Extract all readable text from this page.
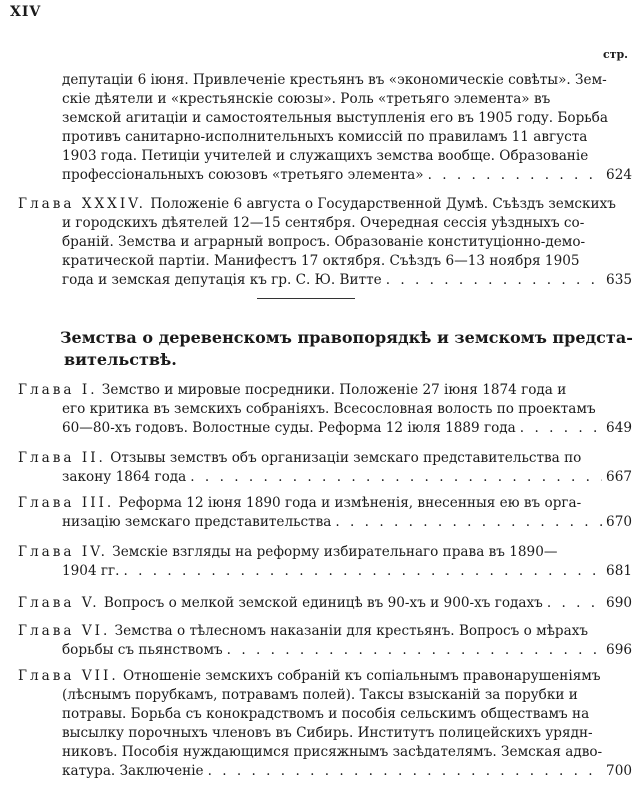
XIV
стр.
депутацiи 6 iюня. Привлеченiе крестьянъ въ «экономическiе совѣты». Зем-
скiе дѣятели и «крестьянскiе союзы». Роль «третьяго элемента» въ
земской агитацiи и самостоятельныя выступленiя его въ 1905 году. Борьба
противъ санитарно-исполнительныхъ комиссiй по правиламъ 11 августа
1903 года. Петицiи учителей и служащихъ земства вообще. Образованiе
профессiональныхъ союзовъ «третьяго элемента» . . .	624
Глава XXXIV. Положенiе 6 августа о Государственной Думѣ. Съѣздъ земскихъ
и городскихъ дѣятелей 12—15 сентября. Очередная сессiя уѣздныхъ со-
бранiй. Земства и аграрный вопросъ. Образованiе конституцiонно-демо-
кратической партiи. Манифестъ 17 октября. Съѣздъ 6—13 ноября 1905
года и земская депутацiя къ гр. С. Ю. Витте . . .	635
Земства о деревенскомъ правопорядкѣ и земскомъ предста-
вительствѣ.
Глава I. Земство и мировые посредники. Положенiе 27 iюня 1874 года и
его критика въ земскихъ собранiяхъ. Всесословная волость по проектамъ
60—80-хъ годовъ. Волостные суды. Реформа 12 iюля 1889 года . . .	649
Глава II. Отзывы земствъ объ организацiи земскаго представительства по
закону 1864 года . . .	667
Глава III. Реформа 12 iюня 1890 года и измѣненiя, внесенныя ею въ орга-
низацiю земскаго представительства . . .	670
Глава IV. Земскiе взгляды на реформу избирательнаго права въ 1890—
1904 гг. . . .	681
Глава V. Вопросъ о мелкой земской единицѣ въ 90-хъ и 900-хъ годахъ . . .	690
Глава VI. Земства о тѣлесномъ наказанiи для крестьянъ. Вопросъ о мѣрахъ
борьбы съ пьянствомъ . . .	696
Глава VII. Отношенiе земскихъ собранiй къ сопiальнымъ правонарушенiямъ
(лѣснымъ порубкамъ, потравамъ полей). Таксы взысканiй за порубки и
потравы. Борьба съ конокрадствомъ и пособiя сельскимъ обществамъ на
высылку порочныхъ членовъ въ Сибирь. Институтъ полицейскихъ урядн-
никовъ. Пособiя нуждающимся присяжнымъ засѣдателямъ. Земская адво-
катура. Заключенiе . . .	700
